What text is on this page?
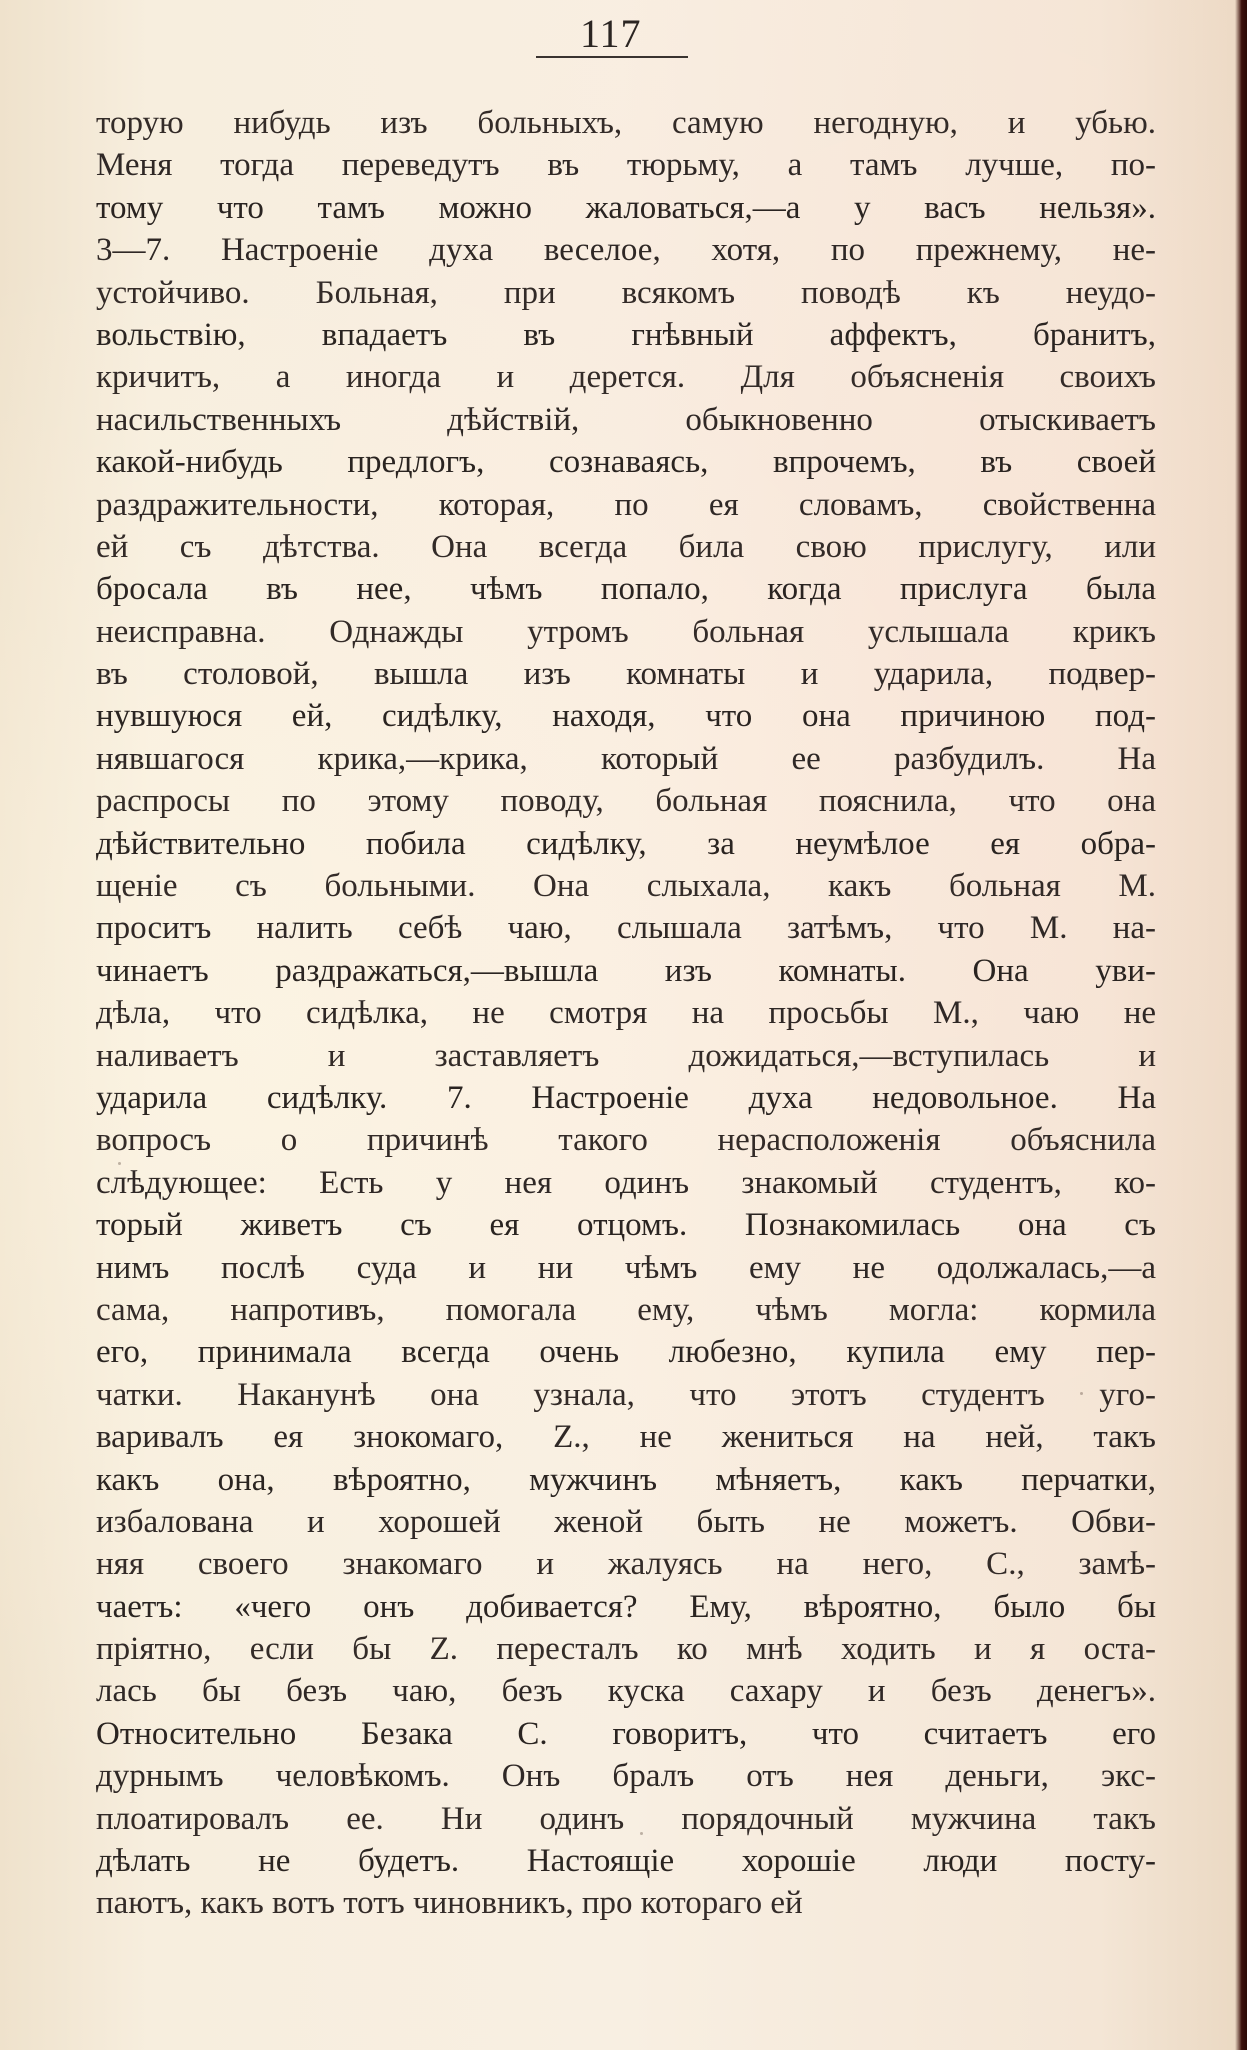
117
торую нибудь изъ больныхъ, самую негодную, и убью.
Меня тогда переведутъ въ тюрьму, а тамъ лучше, по-
тому что тамъ можно жаловаться,—а у васъ нельзя».
3—7. Настроеніе духа веселое, хотя, по прежнему, не-
устойчиво. Больная, при всякомъ поводѣ къ неудо-
вольствію, впадаетъ въ гнѣвный аффектъ, бранитъ,
кричитъ, а иногда и дерется. Для объясненія своихъ
насильственныхъ дѣйствій, обыкновенно отыскиваетъ
какой-нибудь предлогъ, сознаваясь, впрочемъ, въ своей
раздражительности, которая, по ея словамъ, свойственна
ей съ дѣтства. Она всегда била свою прислугу, или
бросала въ нее, чѣмъ попало, когда прислуга была
неисправна. Однажды утромъ больная услышала крикъ
въ столовой, вышла изъ комнаты и ударила, подвер-
нувшуюся ей, сидѣлку, находя, что она причиною под-
нявшагося крика,—крика, который ее разбудилъ. На
распросы по этому поводу, больная пояснила, что она
дѣйствительно побила сидѣлку, за неумѣлое ея обра-
щеніе съ больными. Она слыхала, какъ больная М.
проситъ налить себѣ чаю, слышала затѣмъ, что М. на-
чинаетъ раздражаться,—вышла изъ комнаты. Она уви-
дѣла, что сидѣлка, не смотря на просьбы М., чаю не
наливаетъ и заставляетъ дожидаться,—вступилась и
ударила сидѣлку. 7. Настроеніе духа недовольное. На
вопросъ о причинѣ такого нерасположенія объяснила
слѣдующее: Есть у нея одинъ знакомый студентъ, ко-
торый живетъ съ ея отцомъ. Познакомилась она съ
нимъ послѣ суда и ни чѣмъ ему не одолжалась,—а
сама, напротивъ, помогала ему, чѣмъ могла: кормила
его, принимала всегда очень любезно, купила ему пер-
чатки. Наканунѣ она узнала, что этотъ студентъ уго-
варивалъ ея знокомаго, Z., не жениться на ней, такъ
какъ она, вѣроятно, мужчинъ мѣняетъ, какъ перчатки,
избалована и хорошей женой быть не можетъ. Обви-
няя своего знакомаго и жалуясь на него, С., замѣ-
чаетъ: «чего онъ добивается? Ему, вѣроятно, было бы
пріятно, если бы Z. пересталъ ко мнѣ ходить и я оста-
лась бы безъ чаю, безъ куска сахару и безъ денегъ».
Относительно Безака С. говоритъ, что считаетъ его
дурнымъ человѣкомъ. Онъ бралъ отъ нея деньги, экс-
плоатировалъ ее. Ни одинъ порядочный мужчина такъ
дѣлать не будетъ. Настоящіе хорошіе люди посту-
паютъ, какъ вотъ тотъ чиновникъ, про котораго ей
